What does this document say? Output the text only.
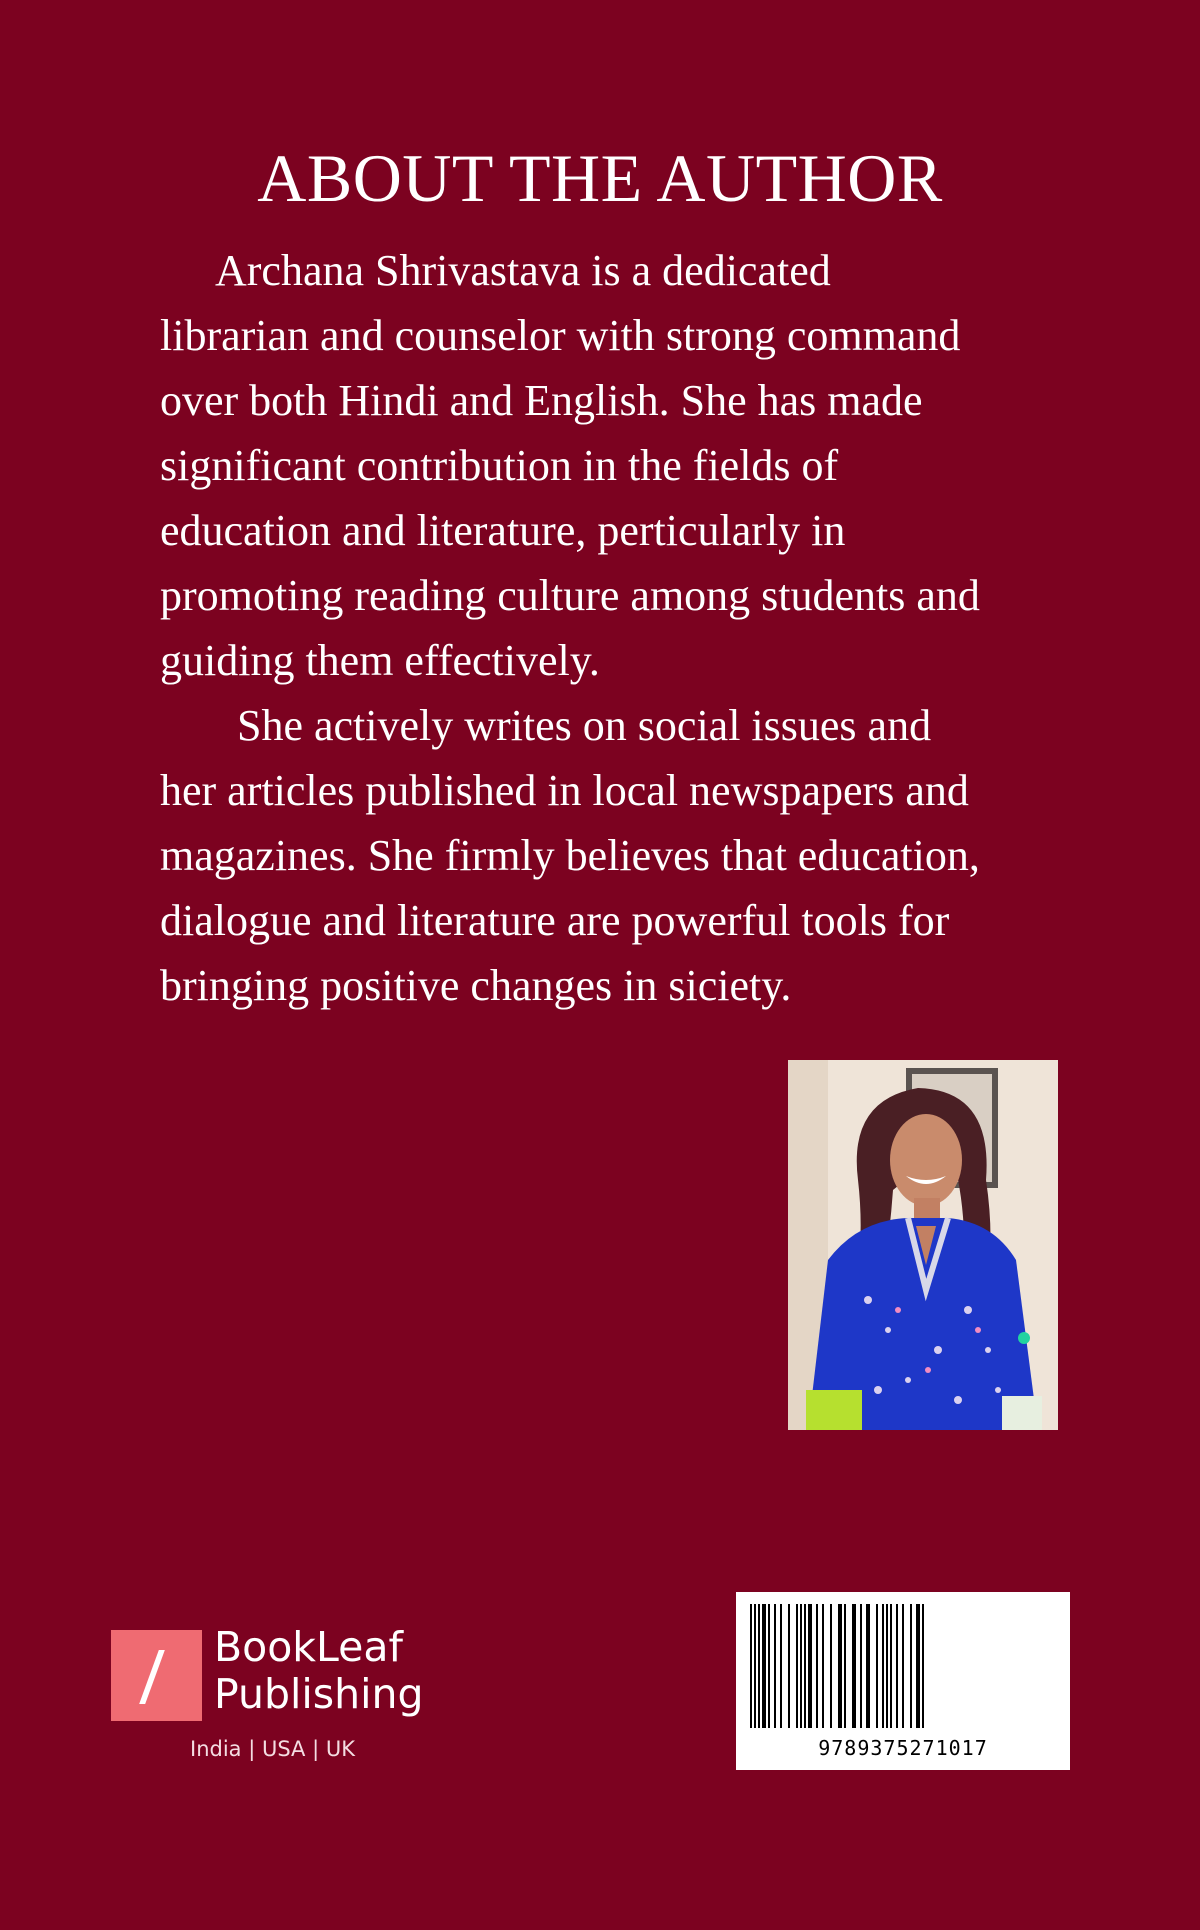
ABOUT THE AUTHOR

Archana Shrivastava is a dedicated
librarian and counselor with strong command
over both Hindi and English. She has made
significant contribution in the fields of
education and literature, perticularly in
promoting reading culture among students and
guiding them effectively.

She actively writes on social issues and
her articles published in local newspapers and
magazines. She firmly believes that education,
dialogue and literature are powerful tools for
bringing positive changes in siciety.

BookLeaf
Publishing
India | USA | UK	9789375271017
